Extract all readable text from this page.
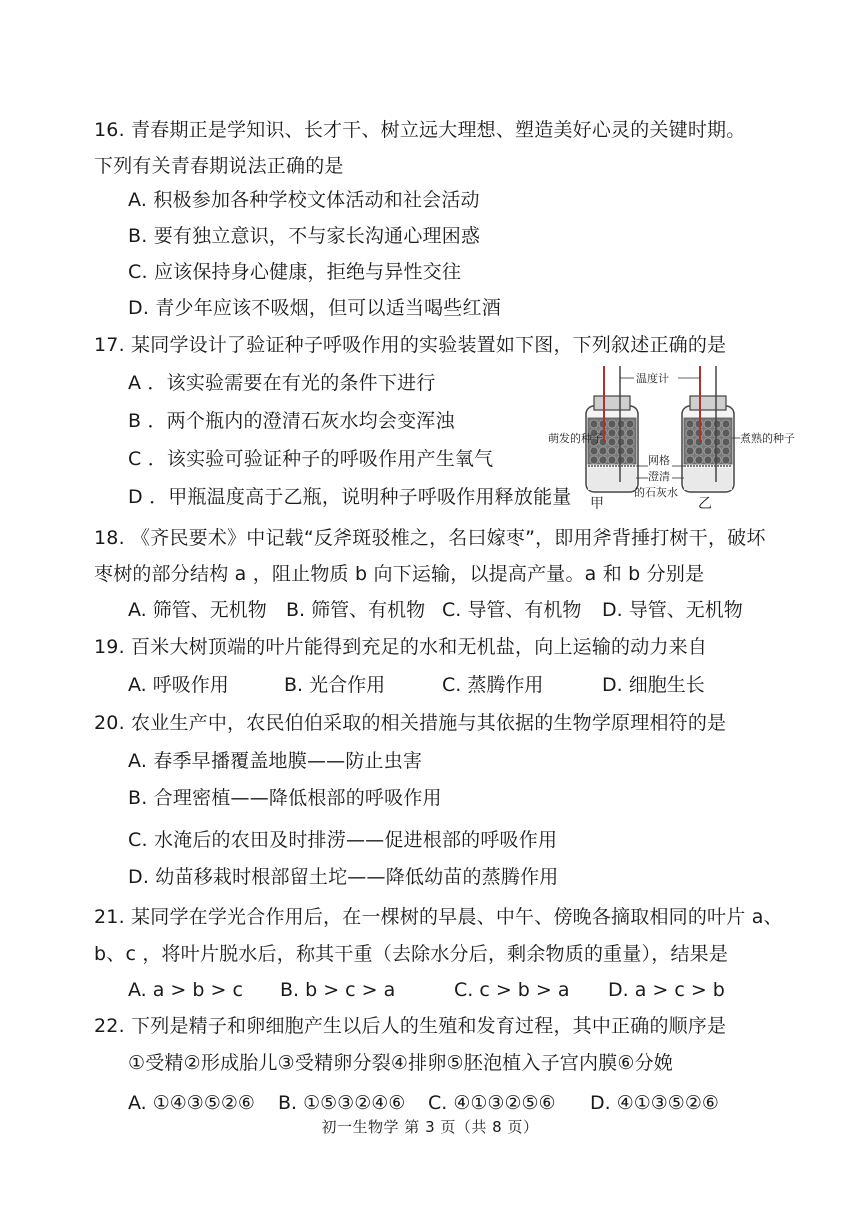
16. 青春期正是学知识、长才干、树立远大理想、塑造美好心灵的关键时期。
下列有关青春期说法正确的是
A. 积极参加各种学校文体活动和社会活动
B. 要有独立意识，不与家长沟通心理困惑
C. 应该保持身心健康，拒绝与异性交往
D. 青少年应该不吸烟，但可以适当喝些红酒
17. 某同学设计了验证种子呼吸作用的实验装置如下图，下列叙述正确的是
A ．该实验需要在有光的条件下进行
B ．两个瓶内的澄清石灰水均会变浑浊
C ．该实验可验证种子的呼吸作用产生氧气
D ．甲瓶温度高于乙瓶，说明种子呼吸作用释放能量
温度计
萌发的种子	煮熟的种子
网格
澄清
的石灰水
甲	乙
18. 《齐民要术》中记载“反斧斑驳椎之，名曰嫁枣”，即用斧背捶打树干，破坏
枣树的部分结构 a ，阻止物质 b 向下运输，以提高产量。a 和 b 分别是
A. 筛管、无机物 B. 筛管、有机物 C. 导管、有机物 D. 导管、无机物
19. 百米大树顶端的叶片能得到充足的水和无机盐，向上运输的动力来自
A. 呼吸作用	B. 光合作用	C. 蒸腾作用	D. 细胞生长
20. 农业生产中，农民伯伯采取的相关措施与其依据的生物学原理相符的是
A. 春季早播覆盖地膜——防止虫害
B. 合理密植——降低根部的呼吸作用
C. 水淹后的农田及时排涝——促进根部的呼吸作用
D. 幼苗移栽时根部留土坨——降低幼苗的蒸腾作用
21. 某同学在学光合作用后，在一棵树的早晨、中午、傍晚各摘取相同的叶片 a、
b、c ，将叶片脱水后，称其干重（去除水分后，剩余物质的重量），结果是
A. a > b > c B. b > c > a	C. c > b > a D. a > c > b
22. 下列是精子和卵细胞产生以后人的生殖和发育过程，其中正确的顺序是
①受精②形成胎儿③受精卵分裂④排卵⑤胚泡植入子宫内膜⑥分娩
A. ①④③⑤②⑥ B. ①⑤③②④⑥ C. ④①③②⑤⑥ D. ④①③⑤②⑥
初一生物学 第 3 页（共 8 页）
